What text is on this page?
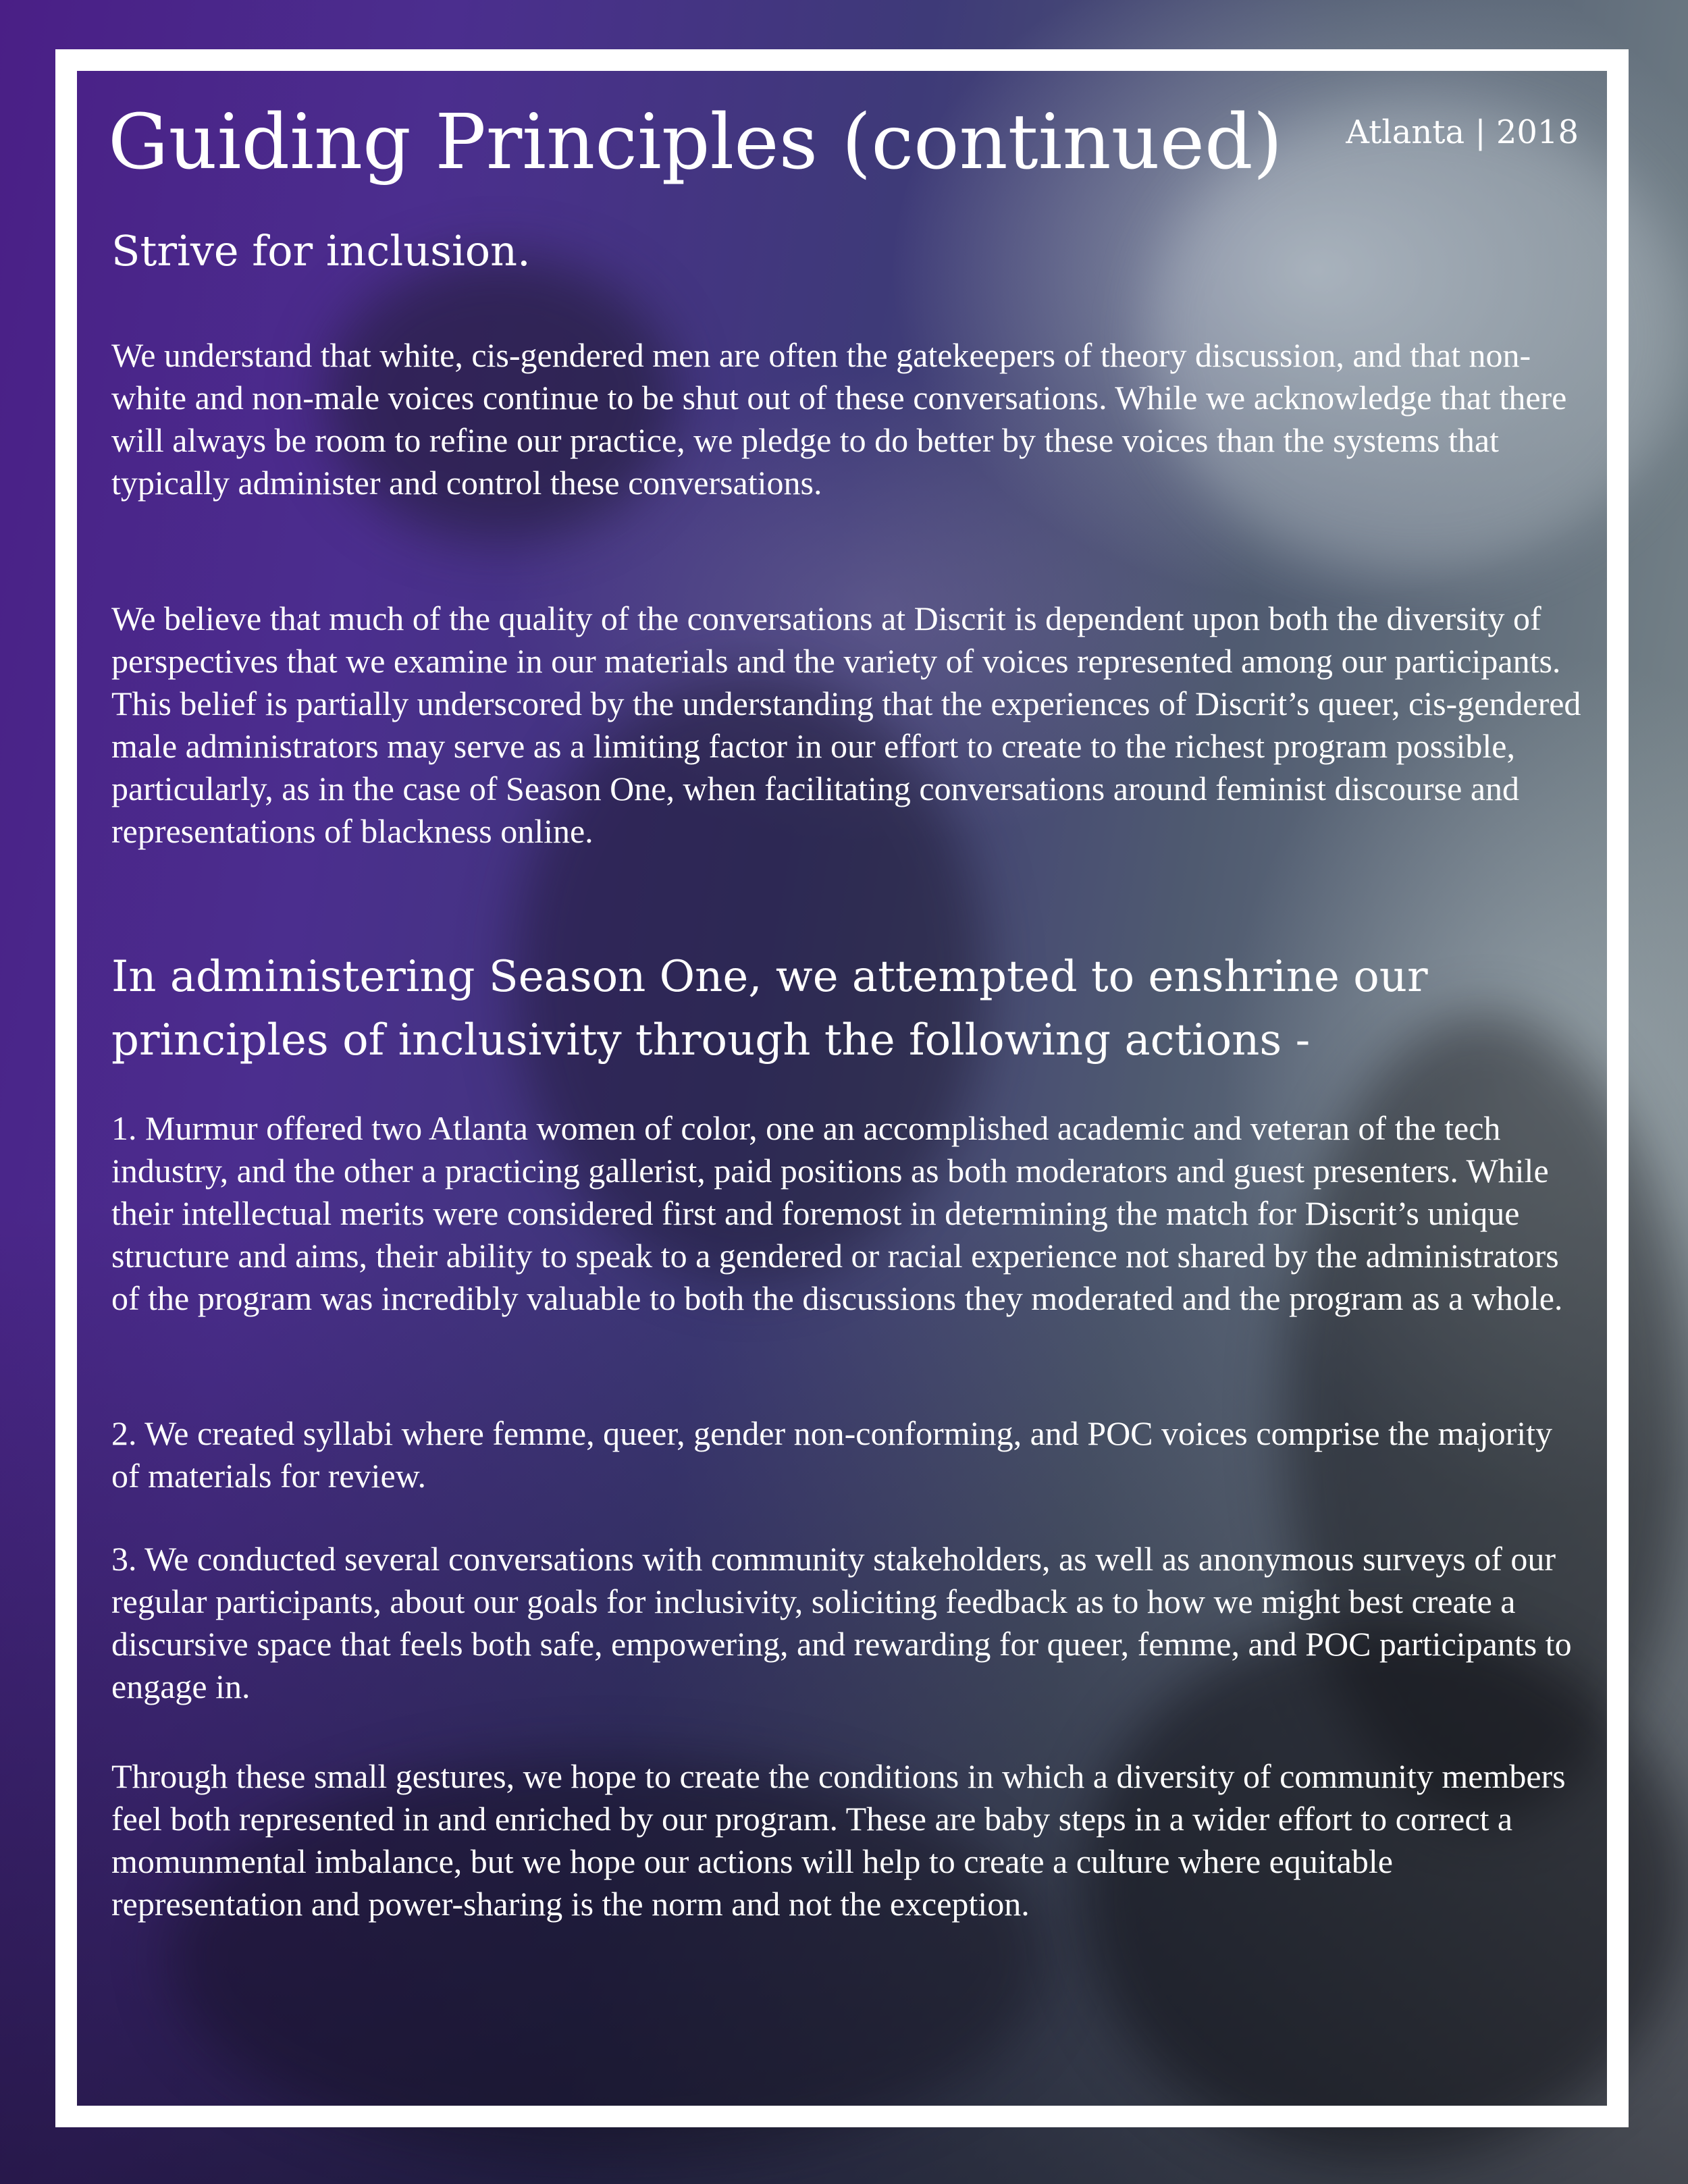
Guiding Principles (continued) Atlanta | 2018
Strive for inclusion.

We understand that white, cis-gendered men are often the gatekeepers of theory discussion, and that non-white and non-male voices continue to be shut out of these conversations. While we acknowledge that there will always be room to refine our practice, we pledge to do better by these voices than the systems that typically administer and control these conversations.

We believe that much of the quality of the conversations at Discrit is dependent upon both the diversity of perspectives that we examine in our materials and the variety of voices represented among our participants. This belief is partially underscored by the understanding that the experiences of Discrit’s queer, cis-gendered male administrators may serve as a limiting factor in our effort to create to the richest program possible, particularly, as in the case of Season One, when facilitating conversations around feminist discourse and representations of blackness online.

In administering Season One, we attempted to enshrine our principles of inclusivity through the following actions -

1. Murmur offered two Atlanta women of color, one an accomplished academic and veteran of the tech industry, and the other a practicing gallerist, paid positions as both moderators and guest presenters. While their intellectual merits were considered first and foremost in determining the match for Discrit’s unique structure and aims, their ability to speak to a gendered or racial experience not shared by the administrators of the program was incredibly valuable to both the discussions they moderated and the program as a whole.

2. We created syllabi where femme, queer, gender non-conforming, and POC voices comprise the majority of materials for review.

3. We conducted several conversations with community stakeholders, as well as anonymous surveys of our regular participants, about our goals for inclusivity, soliciting feedback as to how we might best create a discursive space that feels both safe, empowering, and rewarding for queer, femme, and POC participants to engage in.

Through these small gestures, we hope to create the conditions in which a diversity of community members feel both represented in and enriched by our program. These are baby steps in a wider effort to correct a momunmental imbalance, but we hope our actions will help to create a culture where equitable representation and power-sharing is the norm and not the exception.
